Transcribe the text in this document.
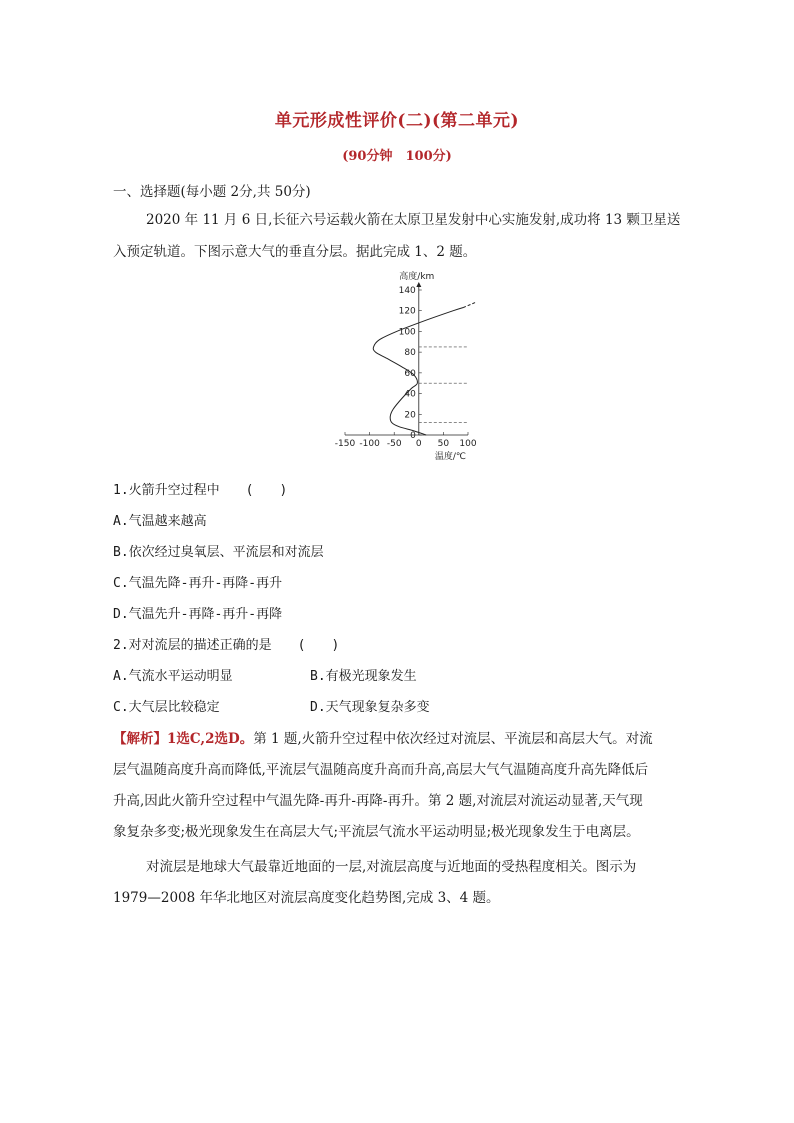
单元形成性评价(二)(第二单元)
(90分钟　100分)
一、选择题(每小题 2分,共 50分)
2020 年 11 月 6 日,长征六号运载火箭在太原卫星发射中心实施发射,成功将 13 颗卫星送
入预定轨道。下图示意大气的垂直分层。据此完成 1、2 题。
0
20
40
60
80
100
120
140
-150 -100 -50 0 50 100
高度/km
温度/℃
1.火箭升空过程中　　(　　)
A.气温越来越高
B.依次经过臭氧层、平流层和对流层
C.气温先降-再升-再降-再升
D.气温先升-再降-再升-再降
2.对对流层的描述正确的是　　(　　)
A.气流水平运动明显	B.有极光现象发生
C.大气层比较稳定	D.天气现象复杂多变
【解析】1选C,2选D。第 1 题,火箭升空过程中依次经过对流层、平流层和高层大气。对流
层气温随高度升高而降低,平流层气温随高度升高而升高,高层大气气温随高度升高先降低后
升高,因此火箭升空过程中气温先降-再升-再降-再升。第 2 题,对流层对流运动显著,天气现
象复杂多变;极光现象发生在高层大气;平流层气流水平运动明显;极光现象发生于电离层。
对流层是地球大气最靠近地面的一层,对流层高度与近地面的受热程度相关。图示为
1979—2008 年华北地区对流层高度变化趋势图,完成 3、4 题。
